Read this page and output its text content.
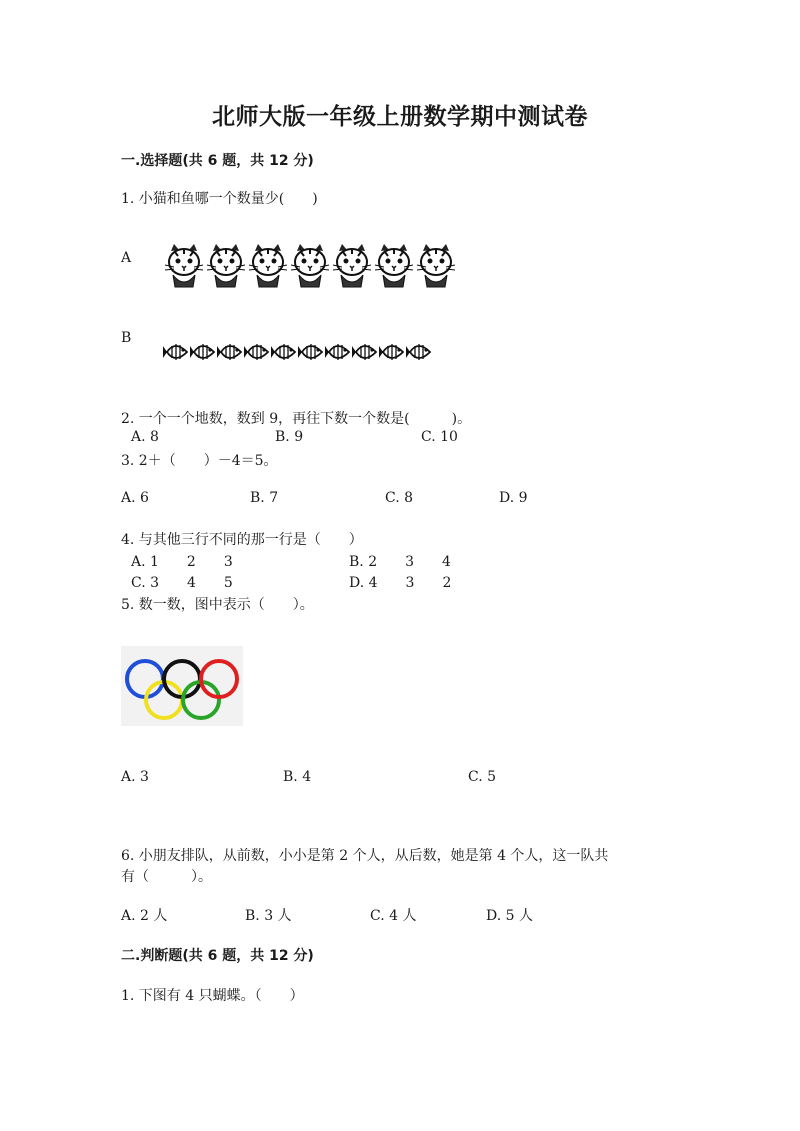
北师大版一年级上册数学期中测试卷
一.选择题(共 6 题，共 12 分)
1. 小猫和鱼哪一个数量少(　　)
A
B
2. 一个一个地数，数到 9，再往下数一个数是(　　　)。
A. 8	B. 9	C. 10
3. 2＋（　　）－4＝5。
A. 6	B. 7	C. 8	D. 9
4. 与其他三行不同的那一行是（　　）
A. 1　　2　　3	B. 2　　3　　4
C. 3　　4　　5	D. 4　　3　　2
5. 数一数，图中表示（　　）。
A. 3	B. 4	C. 5
6. 小朋友排队，从前数，小小是第 2 个人，从后数，她是第 4 个人，这一队共
有（　　　）。
A. 2 人	B. 3 人	C. 4 人	D. 5 人
二.判断题(共 6 题，共 12 分)
1. 下图有 4 只蝴蝶。（　　）
